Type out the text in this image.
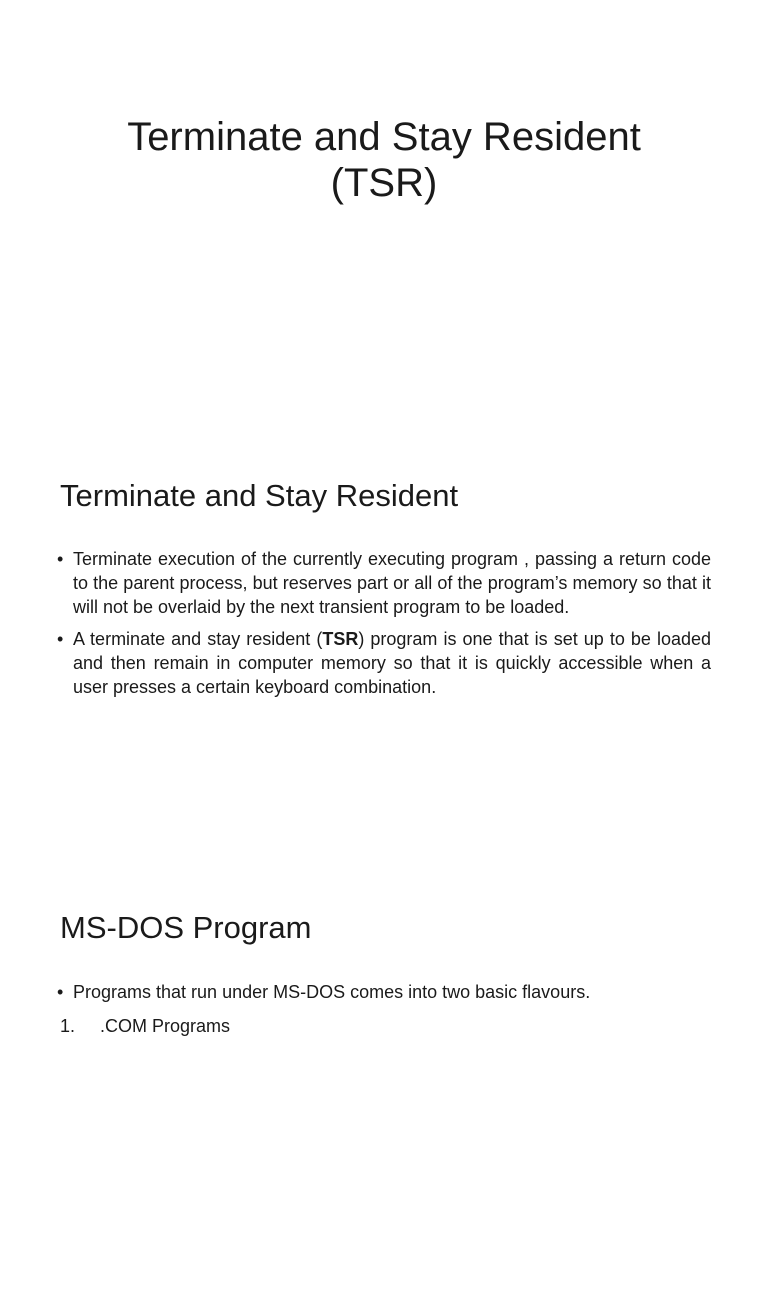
Terminate and Stay Resident
(TSR)
Terminate and Stay Resident
• Terminate execution of the currently executing program , passing a return code to the parent process, but reserves part or all of the program’s memory so that it will not be overlaid by the next transient program to be loaded.
• A terminate and stay resident (TSR) program is one that is set up to be loaded and then remain in computer memory so that it is quickly accessible when a user presses a certain keyboard combination.
MS-DOS Program
• Programs that run under MS-DOS comes into two basic flavours.
1. .COM Programs
